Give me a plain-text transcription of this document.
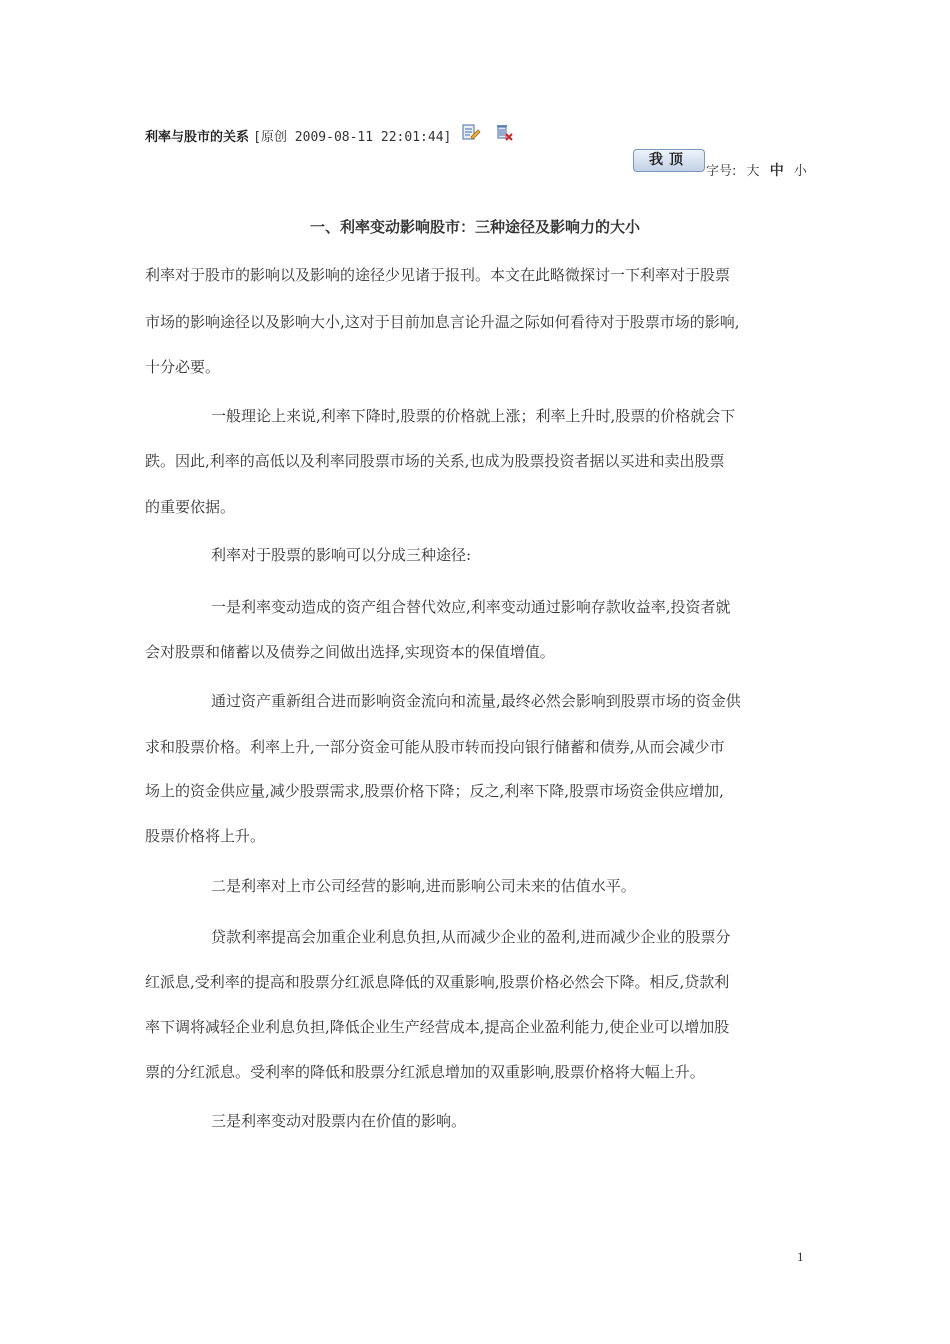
利率与股市的关系 [原创 2009-08-11 22:01:44]
我顶
字号: 大 中 小
一、利率变动影响股市：三种途径及影响力的大小
利率对于股市的影响以及影响的途径少见诸于报刊。本文在此略微探讨一下利率对于股票
市场的影响途径以及影响大小,这对于目前加息言论升温之际如何看待对于股票市场的影响,
十分必要。
一般理论上来说,利率下降时,股票的价格就上涨；利率上升时,股票的价格就会下
跌。因此,利率的高低以及利率同股票市场的关系,也成为股票投资者据以买进和卖出股票
的重要依据。
利率对于股票的影响可以分成三种途径:
一是利率变动造成的资产组合替代效应,利率变动通过影响存款收益率,投资者就
会对股票和储蓄以及债券之间做出选择,实现资本的保值增值。
通过资产重新组合进而影响资金流向和流量,最终必然会影响到股票市场的资金供
求和股票价格。利率上升,一部分资金可能从股市转而投向银行储蓄和债券,从而会减少市
场上的资金供应量,减少股票需求,股票价格下降；反之,利率下降,股票市场资金供应增加,
股票价格将上升。
二是利率对上市公司经营的影响,进而影响公司未来的估值水平。
贷款利率提高会加重企业利息负担,从而减少企业的盈利,进而减少企业的股票分
红派息,受利率的提高和股票分红派息降低的双重影响,股票价格必然会下降。相反,贷款利
率下调将减轻企业利息负担,降低企业生产经营成本,提高企业盈利能力,使企业可以增加股
票的分红派息。受利率的降低和股票分红派息增加的双重影响,股票价格将大幅上升。
三是利率变动对股票内在价值的影响。
1
